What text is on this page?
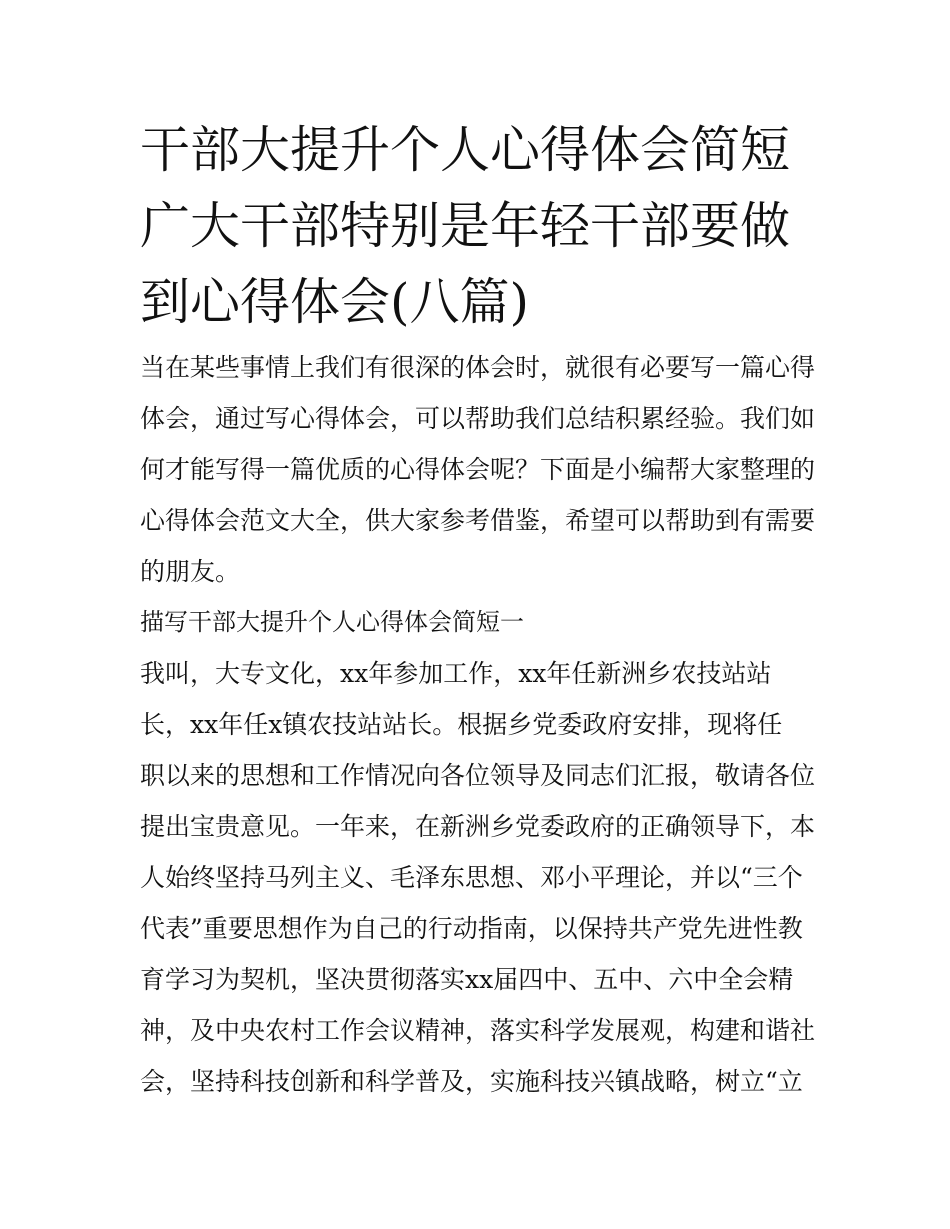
干部大提升个人心得体会简短
广大干部特别是年轻干部要做
到心得体会(八篇)
当在某些事情上我们有很深的体会时，就很有必要写一篇心得
体会，通过写心得体会，可以帮助我们总结积累经验。我们如
何才能写得一篇优质的心得体会呢？下面是小编帮大家整理的
心得体会范文大全，供大家参考借鉴，希望可以帮助到有需要
的朋友。
描写干部大提升个人心得体会简短一
我叫，大专文化，xx年参加工作，xx年任新洲乡农技站站
长，xx年任x镇农技站站长。根据乡党委政府安排，现将任
职以来的思想和工作情况向各位领导及同志们汇报，敬请各位
提出宝贵意见。一年来，在新洲乡党委政府的正确领导下，本
人始终坚持马列主义、毛泽东思想、邓小平理论，并以“三个
代表”重要思想作为自己的行动指南，以保持共产党先进性教
育学习为契机，坚决贯彻落实xx届四中、五中、六中全会精
神，及中央农村工作会议精神，落实科学发展观，构建和谐社
会，坚持科技创新和科学普及，实施科技兴镇战略，树立“立
